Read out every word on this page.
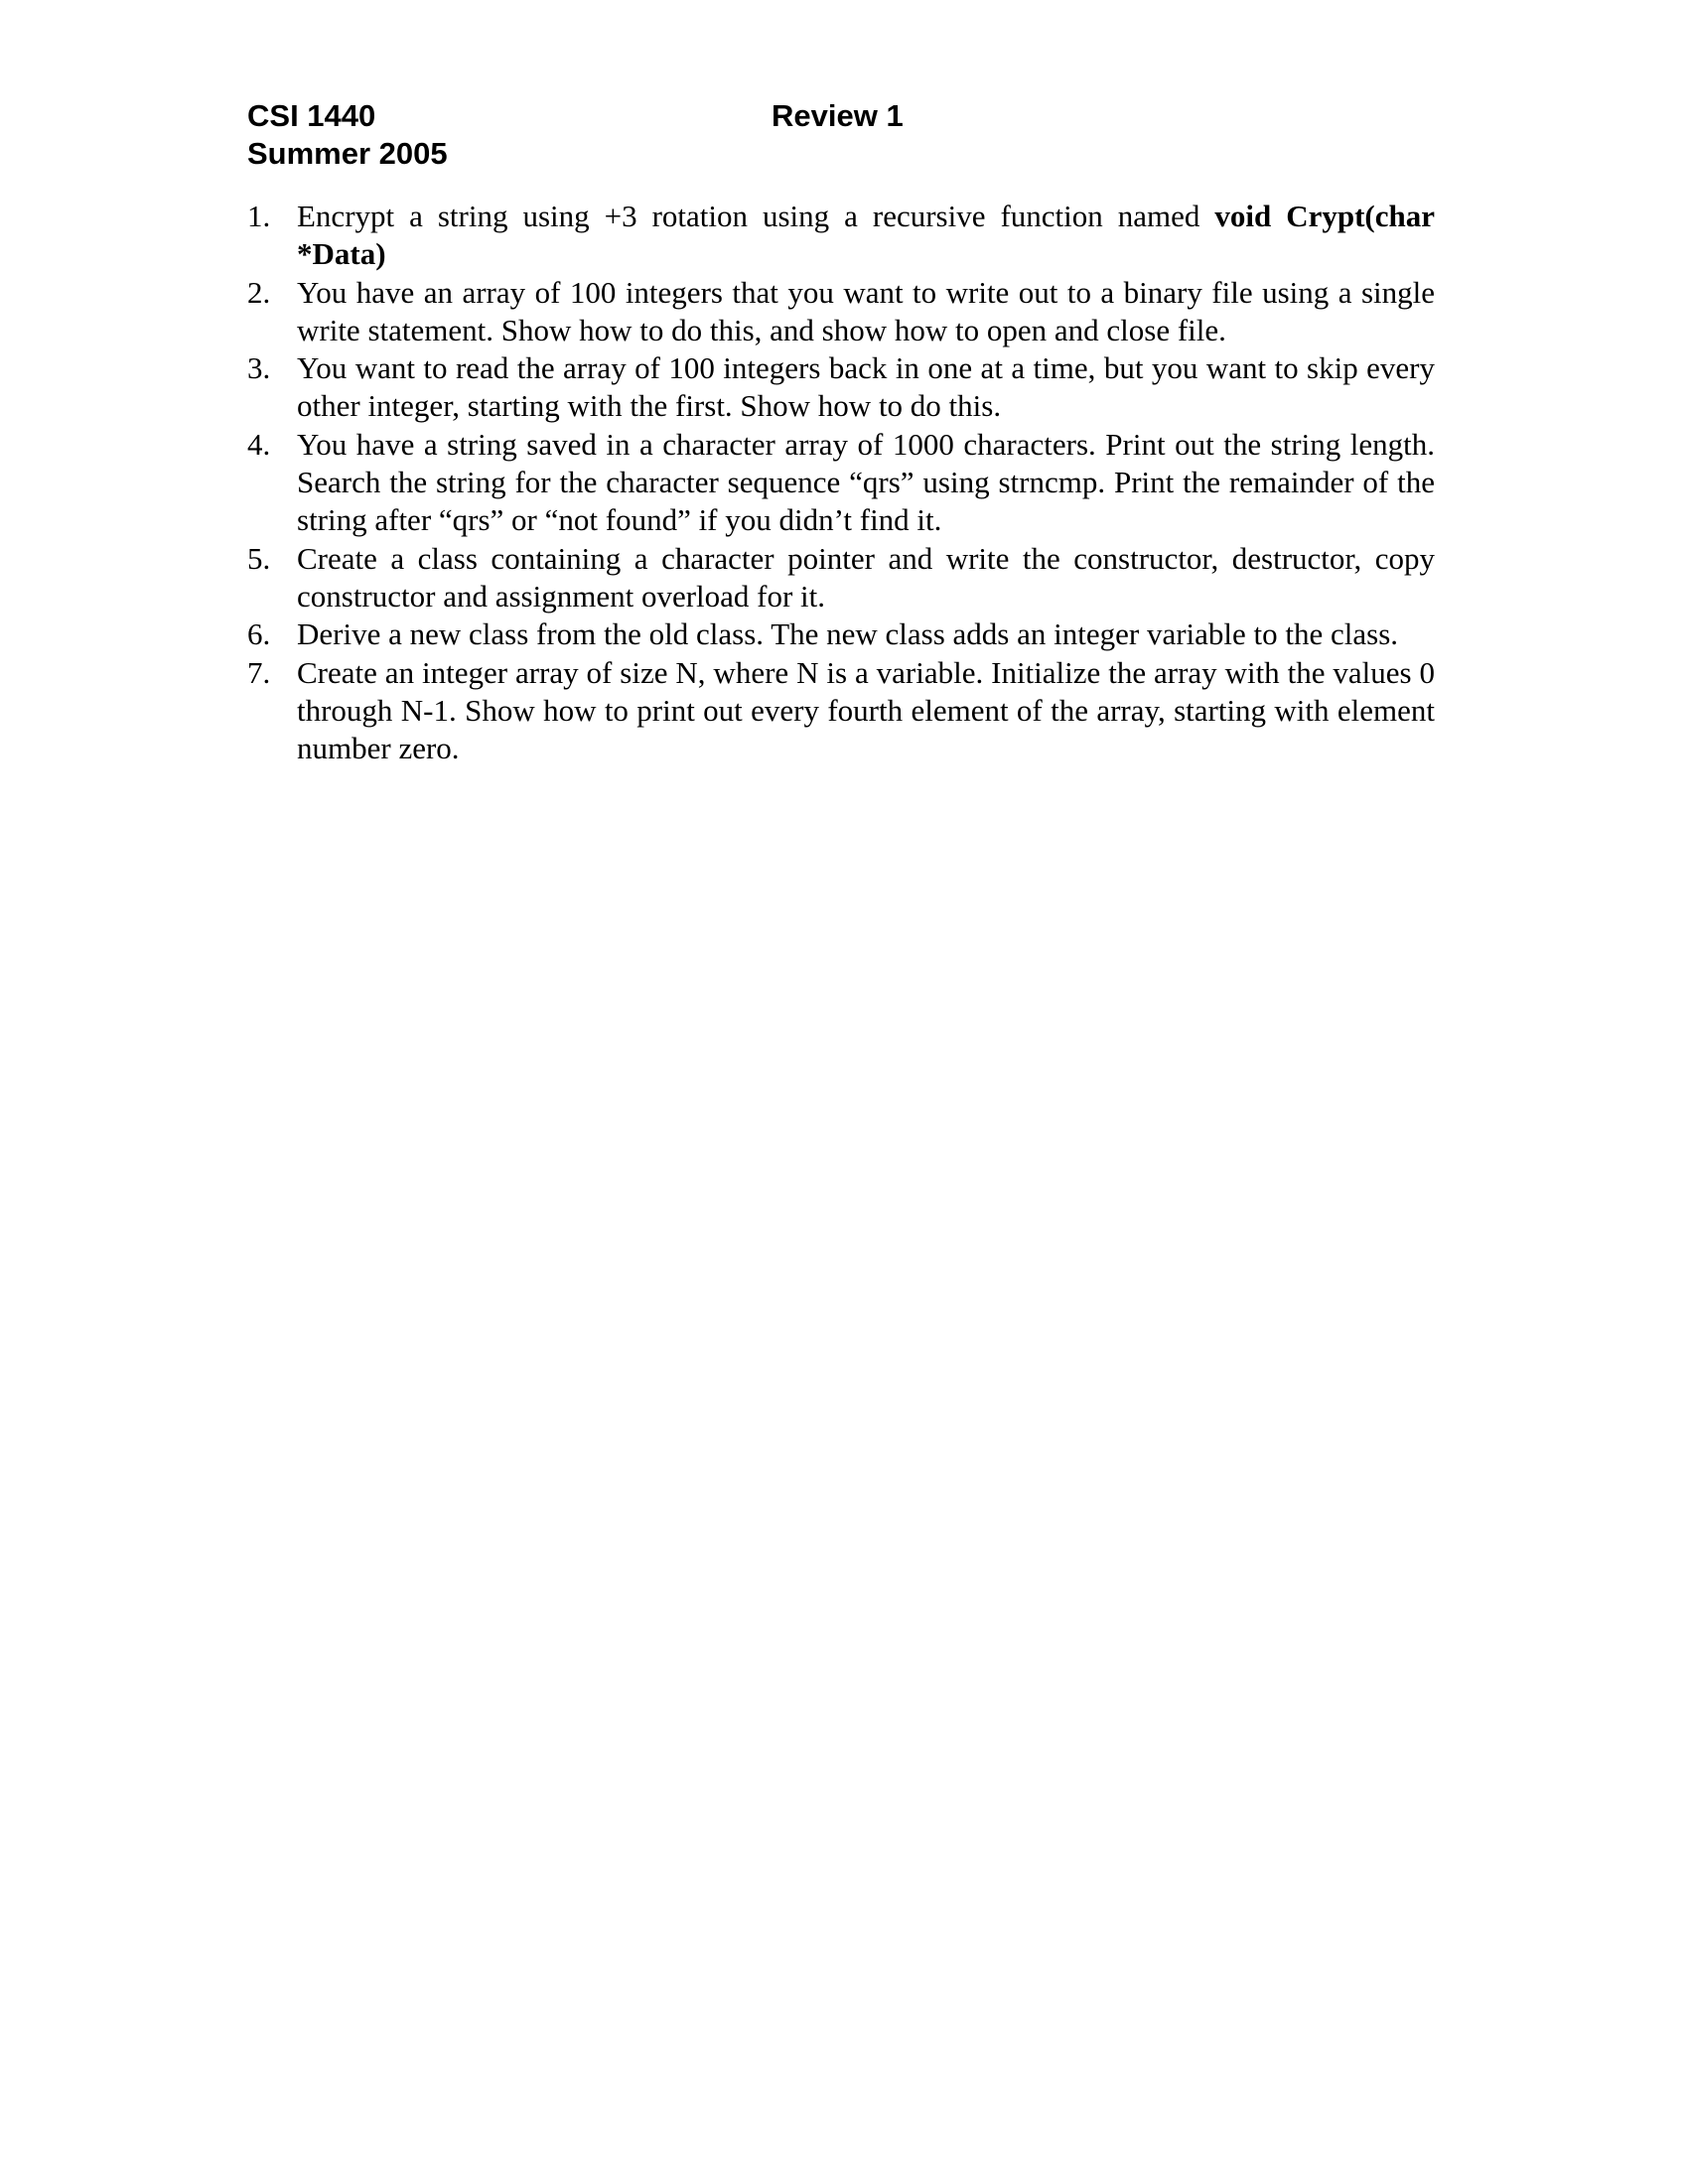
CSI 1440	Review 1
Summer 2005
1. Encrypt a string using +3 rotation using a recursive function named void Crypt(char *Data)
2. You have an array of 100 integers that you want to write out to a binary file using a single write statement. Show how to do this, and show how to open and close file.
3. You want to read the array of 100 integers back in one at a time, but you want to skip every other integer, starting with the first. Show how to do this.
4. You have a string saved in a character array of 1000 characters. Print out the string length. Search the string for the character sequence “qrs” using strncmp. Print the remainder of the string after “qrs” or “not found” if you didn’t find it.
5. Create a class containing a character pointer and write the constructor, destructor, copy constructor and assignment overload for it.
6. Derive a new class from the old class. The new class adds an integer variable to the class.
7. Create an integer array of size N, where N is a variable. Initialize the array with the values 0 through N-1. Show how to print out every fourth element of the array, starting with element number zero.
